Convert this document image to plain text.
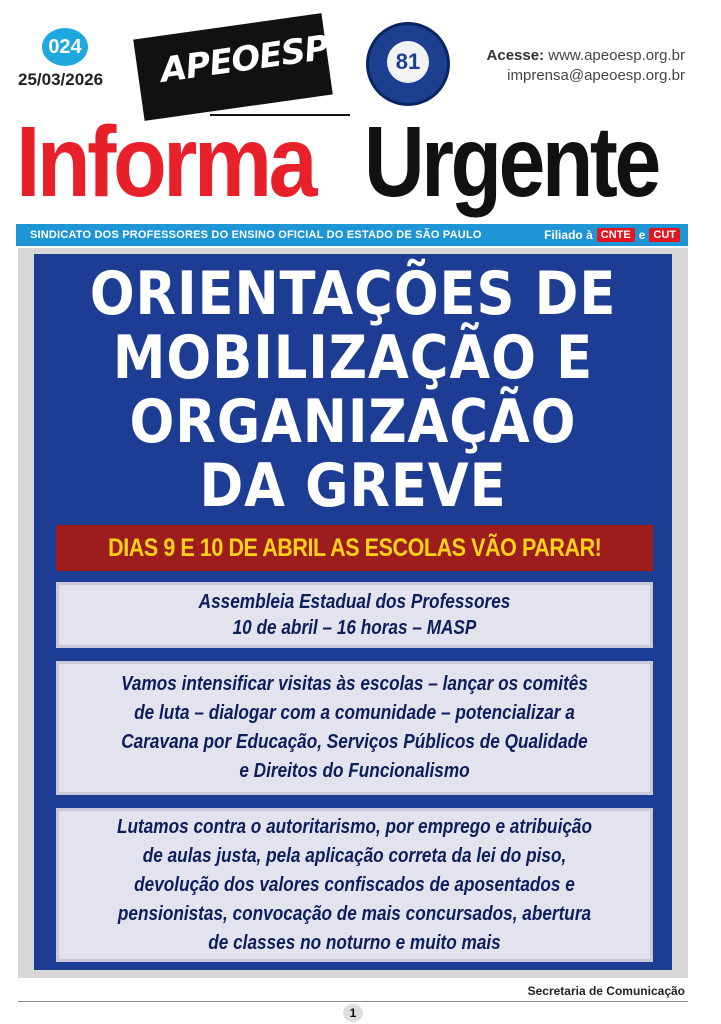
024
25/03/2026 APEOESP	81	Acesse: www.apeoesp.org.br
imprensa@apeoesp.org.br
Informa Urgente
SINDICATO DOS PROFESSORES DO ENSINO OFICIAL DO ESTADO DE SÃO PAULO	Filiado à CNTE e CUT
ORIENTAÇÕES DE
MOBILIZAÇÃO E
ORGANIZAÇÃO
DA GREVE
DIAS 9 E 10 DE ABRIL AS ESCOLAS VÃO PARAR!
Assembleia Estadual dos Professores
10 de abril – 16 horas – MASP
Vamos intensificar visitas às escolas – lançar os comitês
de luta – dialogar com a comunidade – potencializar a
Caravana por Educação, Serviços Públicos de Qualidade
e Direitos do Funcionalismo
Lutamos contra o autoritarismo, por emprego e atribuição
de aulas justa, pela aplicação correta da lei do piso,
devolução dos valores confiscados de aposentados e
pensionistas, convocação de mais concursados, abertura
de classes no noturno e muito mais
Secretaria de Comunicação
1
